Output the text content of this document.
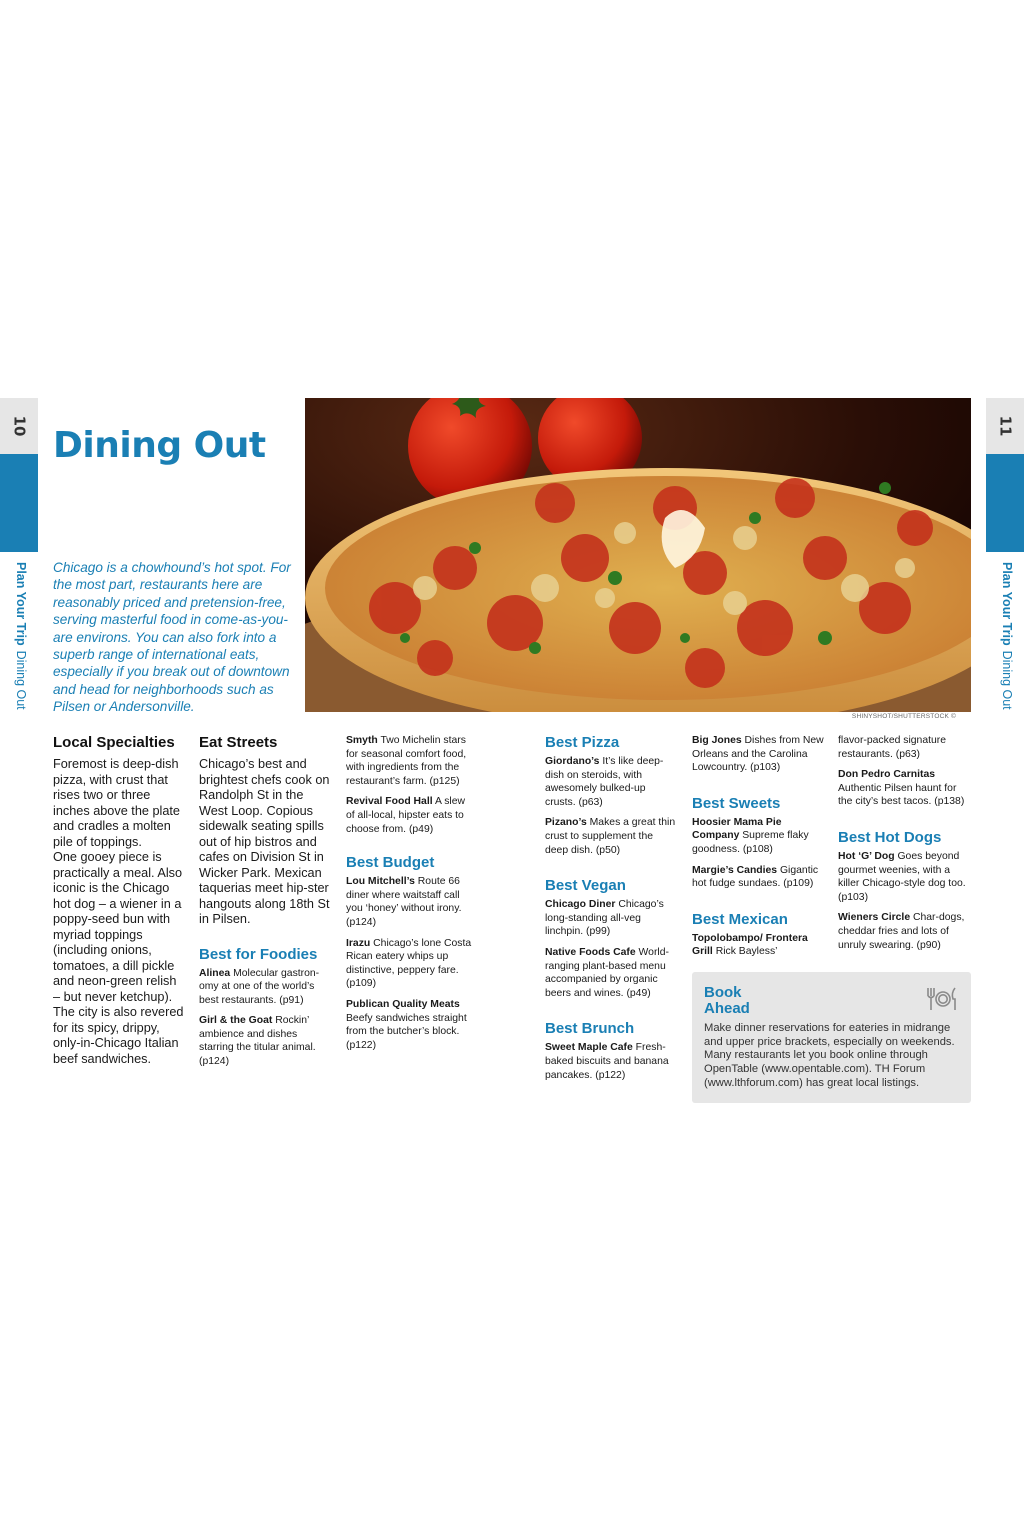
10	11
Plan Your TripDining Out
Plan Your TripDining Out
Dining Out

Chicago is a chowhound’s hot spot. For the most part, restaurants here are reasonably priced and pretension-free, serving masterful food in come-as-you-are environs. You can also fork into a superb range of international eats, especially if you break out of downtown and head for neighborhoods such as Pilsen or Andersonville.

SHINYSHOT/SHUTTERSTOCK ©
Local Specialties

Foremost is deep-dish pizza, with crust that rises two or three inches above the plate and cradles a molten pile of toppings.

One gooey piece is practically a meal. Also iconic is the Chicago hot dog – a wiener in a poppy-seed bun with myriad toppings (including onions, tomatoes, a dill pickle and neon-green relish – but never ketchup). The city is also revered for its spicy, drippy, only-in-Chicago Italian beef sandwiches.

Eat Streets

Chicago’s best and brightest chefs cook on Randolph St in the West Loop. Copious sidewalk seating spills out of hip bistros and cafes on Division St in Wicker Park. Mexican taquerias meet hip-ster hangouts along 18th St in Pilsen.

Best for Foodies
Alinea Molecular gastron-omy at one of the world’s best restaurants. (p91)
Girl & the Goat Rockin’ ambience and dishes starring the titular animal. (p124)
Smyth Two Michelin stars for seasonal comfort food, with ingredients from the restaurant’s farm. (p125)
Revival Food Hall A slew of all-local, hipster eats to choose from. (p49)
Best Budget
Lou Mitchell’s Route 66 diner where waitstaff call you ‘honey’ without irony. (p124)
Irazu Chicago’s lone Costa Rican eatery whips up distinctive, peppery fare. (p109)
Publican Quality Meats Beefy sandwiches straight from the butcher’s block. (p122)
Best Pizza
Giordano’s It’s like deep-dish on steroids, with awesomely bulked-up crusts. (p63)
Pizano’s Makes a great thin crust to supplement the deep dish. (p50)
Best Vegan
Chicago Diner Chicago’s long-standing all-veg linchpin. (p99)
Native Foods Cafe World-ranging plant-based menu accompanied by organic beers and wines. (p49)
Best Brunch
Sweet Maple Cafe Fresh-baked biscuits and banana pancakes. (p122)
Big Jones Dishes from New Orleans and the Carolina Lowcountry. (p103)
Best Sweets
Hoosier Mama Pie Company Supreme flaky goodness. (p108)
Margie’s Candies Gigantic hot fudge sundaes. (p109)
Best Mexican
Topolobampo/ Frontera Grill Rick Bayless’
flavor-packed signature restaurants. (p63)
Don Pedro Carnitas Authentic Pilsen haunt for the city’s best tacos. (p138)
Best Hot Dogs
Hot ‘G’ Dog Goes beyond gourmet weenies, with a killer Chicago-style dog too. (p103)
Wieners Circle Char-dogs, cheddar fries and lots of unruly swearing. (p90)
Book Ahead

Make dinner reservations for eateries in midrange and upper price brackets, especially on weekends. Many restaurants let you book online through OpenTable (www.opentable.com). TH Forum (www.lthforum.com) has great local listings.
